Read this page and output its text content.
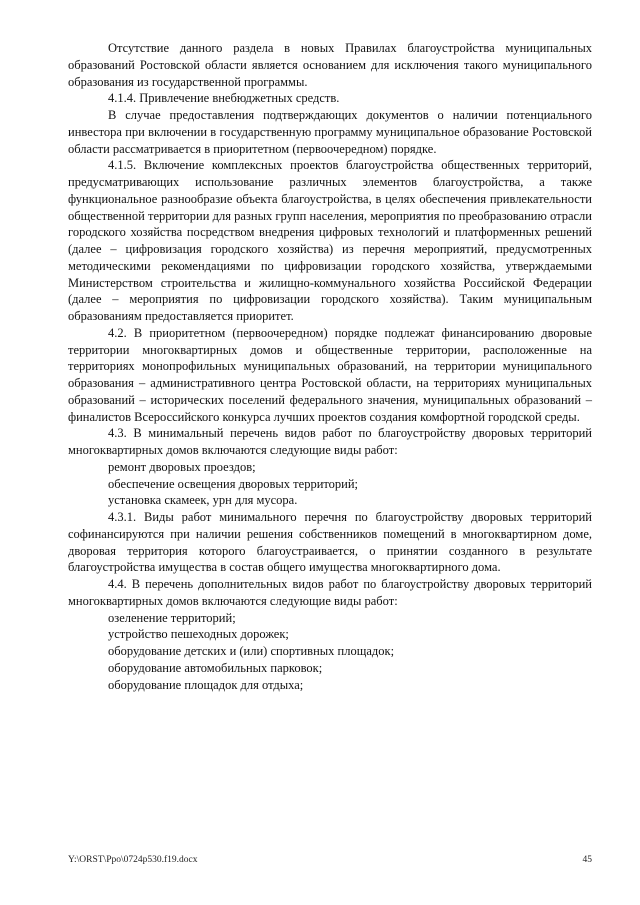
Отсутствие данного раздела в новых Правилах благоустройства муниципальных образований Ростовской области является основанием для исключения такого муниципального образования из государственной программы.

4.1.4. Привлечение внебюджетных средств.

В случае предоставления подтверждающих документов о наличии потенциального инвестора при включении в государственную программу муниципальное образование Ростовской области рассматривается в приоритетном (первоочередном) порядке.

4.1.5. Включение комплексных проектов благоустройства общественных территорий, предусматривающих использование различных элементов благоустройства, а также функциональное разнообразие объекта благоустройства, в целях обеспечения привлекательности общественной территории для разных групп населения, мероприятия по преобразованию отрасли городского хозяйства посредством внедрения цифровых технологий и платформенных решений (далее – цифровизация городского хозяйства) из перечня мероприятий, предусмотренных методическими рекомендациями по цифровизации городского хозяйства, утверждаемыми Министерством строительства и жилищно-коммунального хозяйства Российской Федерации (далее – мероприятия по цифровизации городского хозяйства). Таким муниципальным образованиям предоставляется приоритет.

4.2. В приоритетном (первоочередном) порядке подлежат финансированию дворовые территории многоквартирных домов и общественные территории, расположенные на территориях монопрофильных муниципальных образований, на территории муниципального образования – административного центра Ростовской области, на территориях муниципальных образований – исторических поселений федерального значения, муниципальных образований – финалистов Всероссийского конкурса лучших проектов создания комфортной городской среды.

4.3. В минимальный перечень видов работ по благоустройству дворовых территорий многоквартирных домов включаются следующие виды работ:

ремонт дворовых проездов;
обеспечение освещения дворовых территорий;
установка скамеек, урн для мусора.

4.3.1. Виды работ минимального перечня по благоустройству дворовых территорий софинансируются при наличии решения собственников помещений в многоквартирном доме, дворовая территория которого благоустраивается, о принятии созданного в результате благоустройства имущества в состав общего имущества многоквартирного дома.

4.4. В перечень дополнительных видов работ по благоустройству дворовых территорий многоквартирных домов включаются следующие виды работ:

озеленение территорий;
устройство пешеходных дорожек;
оборудование детских и (или) спортивных площадок;
оборудование автомобильных парковок;
оборудование площадок для отдыха;
Y:\ORST\Ppo\0724p530.f19.docx	45
